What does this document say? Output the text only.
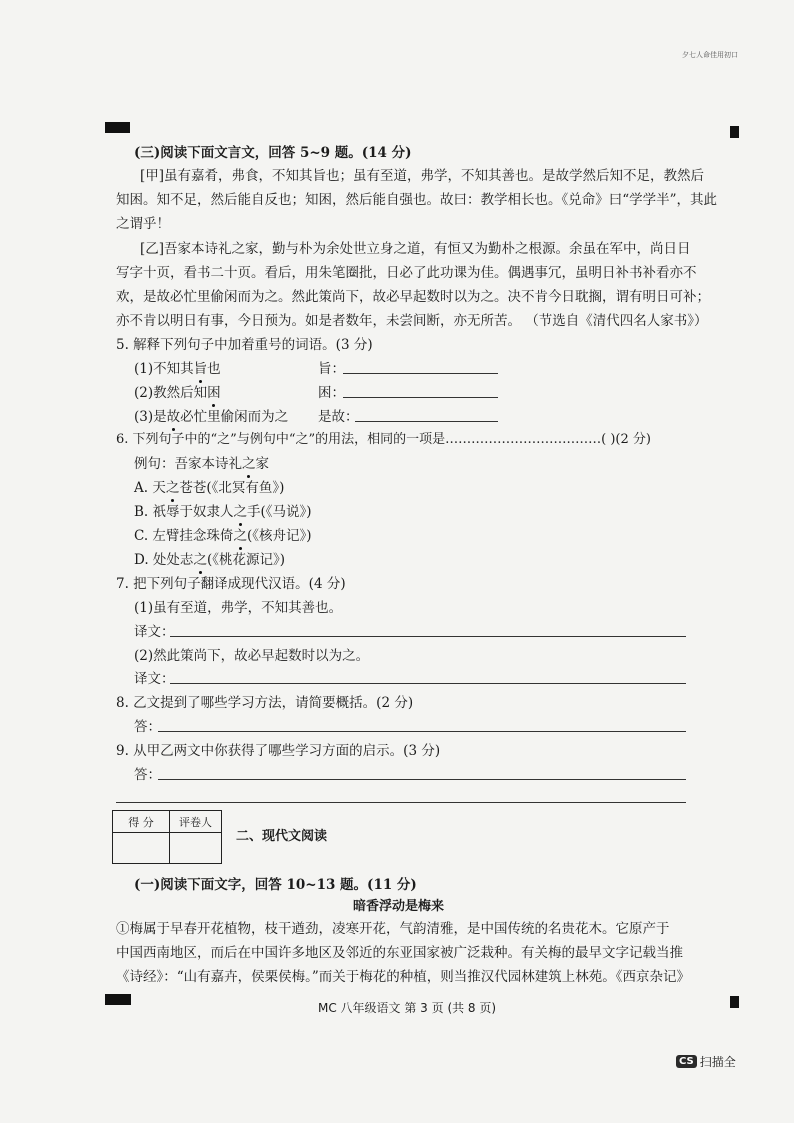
夕七人命佳用初口
(三)阅读下面文言文，回答 5~9 题。(14 分)
[甲]虽有嘉肴，弗食，不知其旨也；虽有至道，弗学，不知其善也。是故学然后知不足，教然后
知困。知不足，然后能自反也；知困，然后能自强也。故曰：教学相长也。《兑命》曰“学学半”，其此
之谓乎！
[乙]吾家本诗礼之家，勤与朴为余处世立身之道，有恒又为勤朴之根源。余虽在军中，尚日日
写字十页，看书二十页。看后，用朱笔圈批，日必了此功课为佳。偶遇事冗，虽明日补书补看亦不
欢，是故必忙里偷闲而为之。然此策尚下，故必早起数时以为之。决不肯今日耽搁，谓有明日可补；
亦不肯以明日有事，今日预为。如是者数年，未尝间断，亦无所苦。 （节选自《清代四名人家书》）
5. 解释下列句子中加着重号的词语。(3 分)
(1)不知其旨也	旨：
(2)教然后知困	困：
(3)是故必忙里偷闲而为之 是故：
6. 下列句子中的“之”与例句中“之”的用法，相同的一项是………………………………( )(2 分)
例句：吾家本诗礼之家
A. 天之苍苍(《北冥有鱼》)
B. 祇辱于奴隶人之手(《马说》)
C. 左臂挂念珠倚之(《核舟记》)
D. 处处志之(《桃花源记》)
7. 把下列句子翻译成现代汉语。(4 分)
(1)虽有至道，弗学，不知其善也。
译文：
(2)然此策尚下，故必早起数时以为之。
译文：
8. 乙文提到了哪些学习方法，请简要概括。(2 分)
答：
9. 从甲乙两文中你获得了哪些学习方面的启示。(3 分)
答：
得 分	评卷人

二、现代文阅读
(一)阅读下面文字，回答 10~13 题。(11 分)
暗香浮动是梅来
①梅属于早春开花植物，枝干遒劲，凌寒开花，气韵清雅，是中国传统的名贵花木。它原产于
中国西南地区，而后在中国许多地区及邻近的东亚国家被广泛栽种。有关梅的最早文字记载当推
《诗经》：“山有嘉卉，侯栗侯梅。”而关于梅花的种植，则当推汉代园林建筑上林苑。《西京杂记》
MC 八年级语文 第 3 页 (共 8 页)
CS 扫描全
